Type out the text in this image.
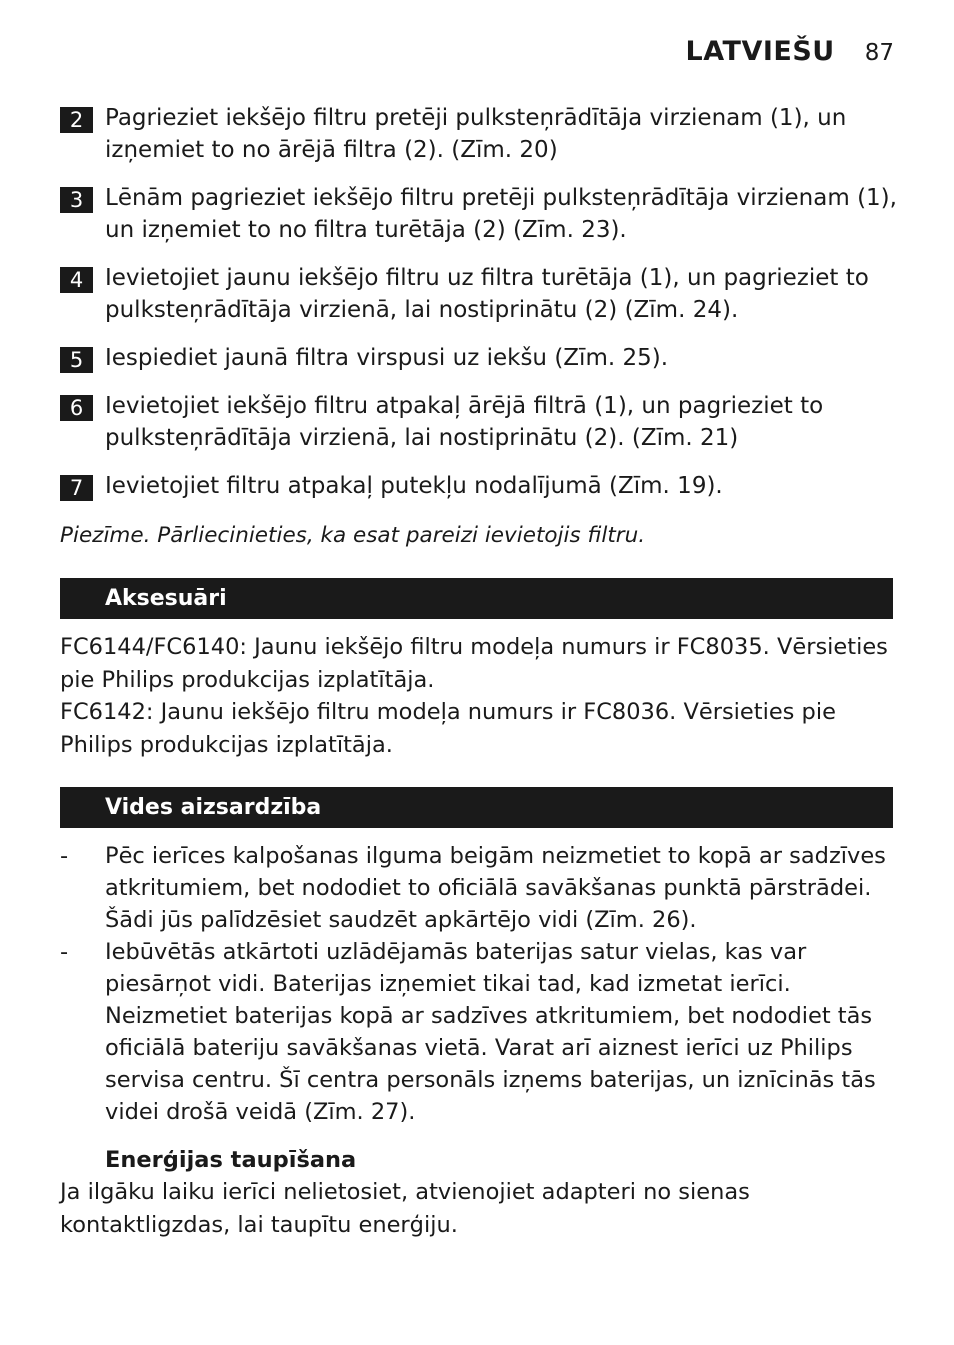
LATVIEŠU 87
2 Pagrieziet iekšējo filtru pretēji pulksteņrādītāja virzienam (1), un izņemiet to no ārējā filtra (2). (Zīm. 20)
3 Lēnām pagrieziet iekšējo filtru pretēji pulksteņrādītāja virzienam (1), un izņemiet to no filtra turētāja (2) (Zīm. 23).
4 Ievietojiet jaunu iekšējo filtru uz filtra turētāja (1), un pagrieziet to pulksteņrādītāja virzienā, lai nostiprinātu (2) (Zīm. 24).
5 Iespiediet jaunā filtra virspusi uz iekšu (Zīm. 25).
6 Ievietojiet iekšējo filtru atpakaļ ārējā filtrā (1), un pagrieziet to pulksteņrādītāja virzienā, lai nostiprinātu (2). (Zīm. 21)
7 Ievietojiet filtru atpakaļ putekļu nodalījumā (Zīm. 19).
Piezīme. Pārliecinieties, ka esat pareizi ievietojis filtru.
Aksesuāri

FC6144/FC6140: Jaunu iekšējo filtru modeļa numurs ir FC8035. Vērsieties pie Philips produkcijas izplatītāja.

FC6142: Jaunu iekšējo filtru modeļa numurs ir FC8036. Vērsieties pie Philips produkcijas izplatītāja.

Vides aizsardzība
- Pēc ierīces kalpošanas ilguma beigām neizmetiet to kopā ar sadzīves atkritumiem, bet nododiet to oficiālā savākšanas punktā pārstrādei. Šādi jūs palīdzēsiet saudzēt apkārtējo vidi (Zīm. 26).
- Iebūvētās atkārtoti uzlādējamās baterijas satur vielas, kas var piesārņot vidi. Baterijas izņemiet tikai tad, kad izmetat ierīci. Neizmetiet baterijas kopā ar sadzīves atkritumiem, bet nododiet tās oficiālā bateriju savākšanas vietā. Varat arī aiznest ierīci uz Philips servisa centru. Šī centra personāls izņems baterijas, un iznīcinās tās videi drošā veidā (Zīm. 27).
Enerģijas taupīšana
Ja ilgāku laiku ierīci nelietosiet, atvienojiet adapteri no sienas kontaktligzdas, lai taupītu enerģiju.
